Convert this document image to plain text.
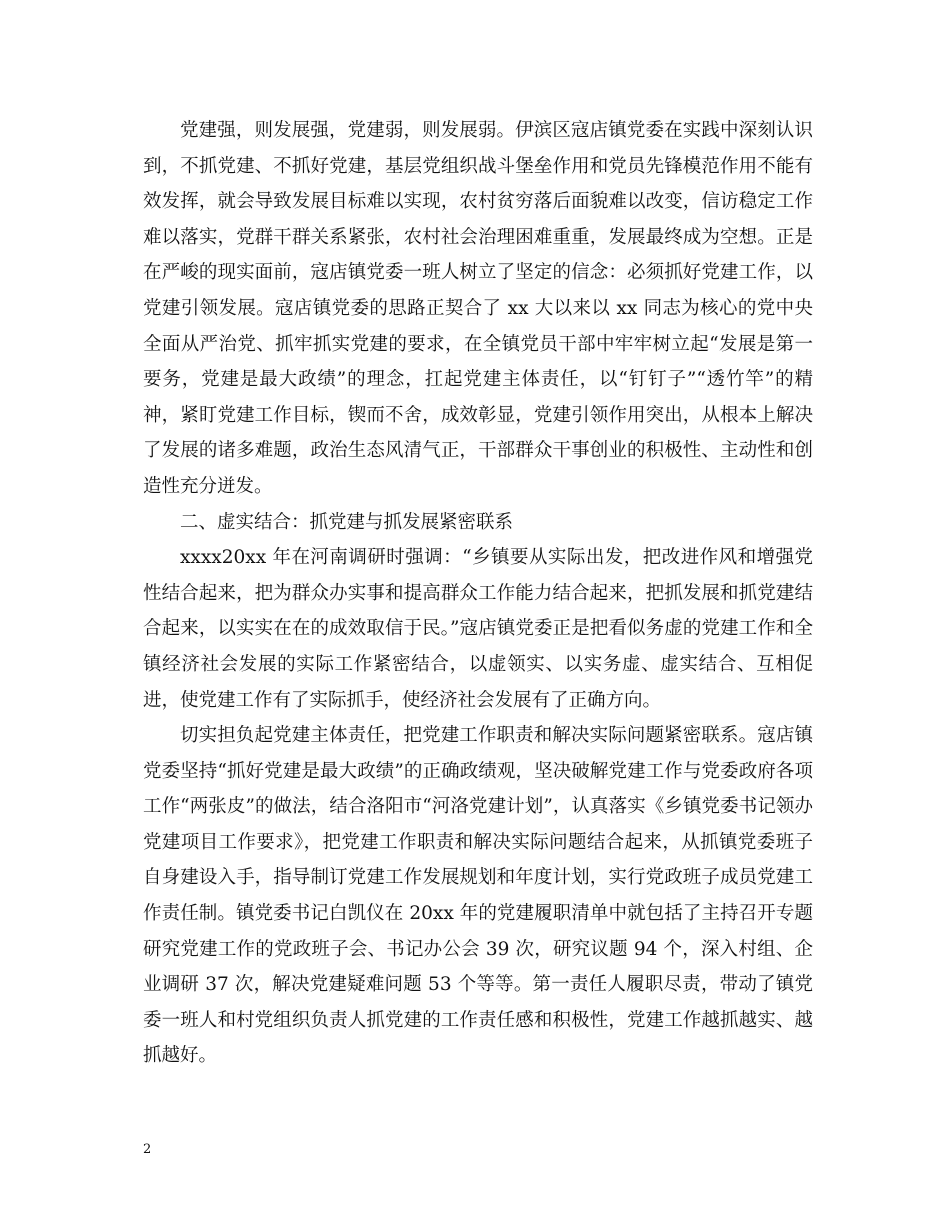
党建强，则发展强，党建弱，则发展弱。伊滨区寇店镇党委在实践中深刻认识到，不抓党建、不抓好党建，基层党组织战斗堡垒作用和党员先锋模范作用不能有效发挥，就会导致发展目标难以实现，农村贫穷落后面貌难以改变，信访稳定工作难以落实，党群干群关系紧张，农村社会治理困难重重，发展最终成为空想。正是在严峻的现实面前，寇店镇党委一班人树立了坚定的信念：必须抓好党建工作，以党建引领发展。寇店镇党委的思路正契合了 xx 大以来以 xx 同志为核心的党中央全面从严治党、抓牢抓实党建的要求，在全镇党员干部中牢牢树立起“发展是第一要务，党建是最大政绩”的理念，扛起党建主体责任，以“钉钉子”“透竹竿”的精神，紧盯党建工作目标，锲而不舍，成效彰显，党建引领作用突出，从根本上解决了发展的诸多难题，政治生态风清气正，干部群众干事创业的积极性、主动性和创造性充分迸发。

二、虚实结合：抓党建与抓发展紧密联系

xxxx20xx 年在河南调研时强调：“乡镇要从实际出发，把改进作风和增强党性结合起来，把为群众办实事和提高群众工作能力结合起来，把抓发展和抓党建结合起来，以实实在在的成效取信于民。”寇店镇党委正是把看似务虚的党建工作和全镇经济社会发展的实际工作紧密结合，以虚领实、以实务虚、虚实结合、互相促进，使党建工作有了实际抓手，使经济社会发展有了正确方向。

切实担负起党建主体责任，把党建工作职责和解决实际问题紧密联系。寇店镇党委坚持“抓好党建是最大政绩”的正确政绩观，坚决破解党建工作与党委政府各项工作“两张皮”的做法，结合洛阳市“河洛党建计划”，认真落实《乡镇党委书记领办党建项目工作要求》，把党建工作职责和解决实际问题结合起来，从抓镇党委班子自身建设入手，指导制订党建工作发展规划和年度计划，实行党政班子成员党建工作责任制。镇党委书记白凯仪在 20xx 年的党建履职清单中就包括了主持召开专题研究党建工作的党政班子会、书记办公会 39 次，研究议题 94 个，深入村组、企业调研 37 次，解决党建疑难问题 53 个等等。第一责任人履职尽责，带动了镇党委一班人和村党组织负责人抓党建的工作责任感和积极性，党建工作越抓越实、越抓越好。

2
